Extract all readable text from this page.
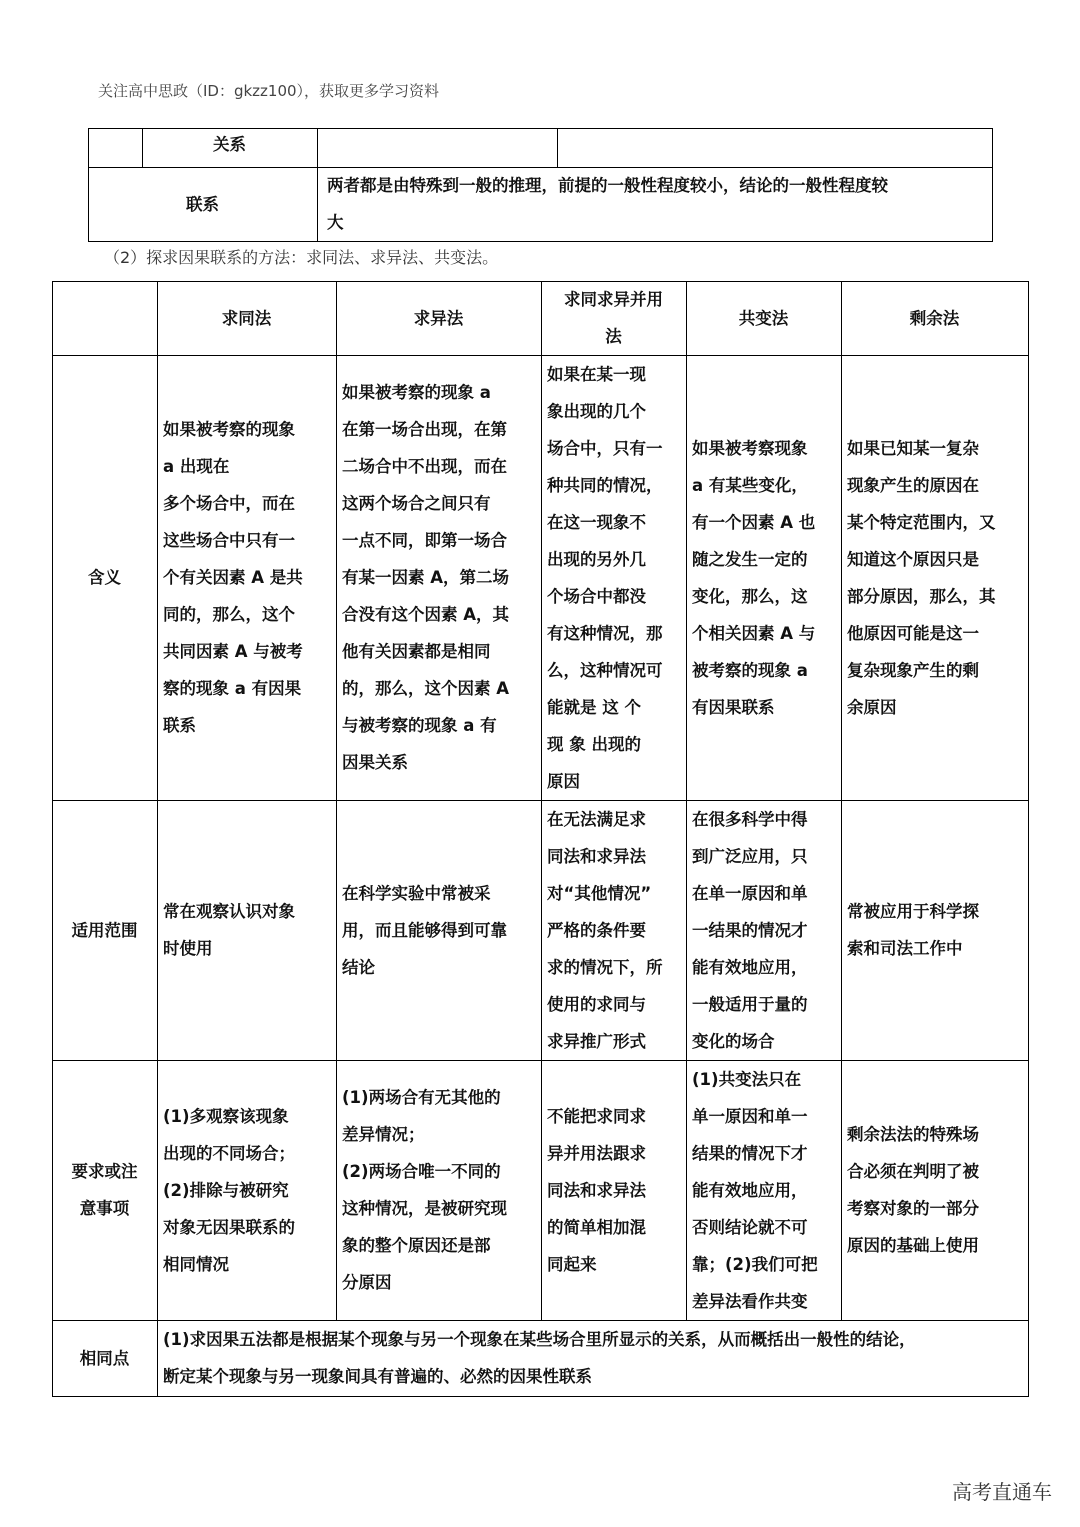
关注高中思政（ID：gkzz100），获取更多学习资料
关系
联系
两者都是由特殊到一般的推理，前提的一般性程度较小，结论的一般性程度较
大
（2）探求因果联系的方法：求同法、求异法、共变法。
求同法	求异法
求同求异并用
法
共变法	剩余法
含义
如果被考察的现象
a 出现在
多个场合中，而在
这些场合中只有一
个有关因素 A 是共
同的，那么，这个
共同因素 A 与被考
察的现象 a 有因果
联系
如果被考察的现象 a
在第一场合出现，在第
二场合中不出现，而在
这两个场合之间只有
一点不同，即第一场合
有某一因素 A，第二场
合没有这个因素 A，其
他有关因素都是相同
的，那么，这个因素 A
与被考察的现象 a 有
因果关系
如果在某一现
象出现的几个
场合中，只有一
种共同的情况，
在这一现象不
出现的另外几
个场合中都没
有这种情况，那
么，这种情况可
能就是 这 个
现 象 出现的
原因
如果被考察现象
a 有某些变化，
有一个因素 A 也
随之发生一定的
变化，那么，这
个相关因素 A 与
被考察的现象 a
有因果联系
如果已知某一复杂
现象产生的原因在
某个特定范围内，又
知道这个原因只是
部分原因，那么，其
他原因可能是这一
复杂现象产生的剩
余原因
适用范围
常在观察认识对象
时使用
在科学实验中常被采
用，而且能够得到可靠
结论
在无法满足求
同法和求异法
对“其他情况”
严格的条件要
求的情况下，所
使用的求同与
求异推广形式
在很多科学中得
到广泛应用，只
在单一原因和单
一结果的情况才
能有效地应用，
一般适用于量的
变化的场合
常被应用于科学探
索和司法工作中
要求或注
意事项
(1)多观察该现象
出现的不同场合；
(2)排除与被研究
对象无因果联系的
相同情况
(1)两场合有无其他的
差异情况；
(2)两场合唯一不同的
这种情况，是被研究现
象的整个原因还是部
分原因
不能把求同求
异并用法跟求
同法和求异法
的简单相加混
同起来
(1)共变法只在
单一原因和单一
结果的情况下才
能有效地应用，
否则结论就不可
靠；(2)我们可把
差异法看作共变
剩余法法的特殊场
合必须在判明了被
考察对象的一部分
原因的基础上使用
相同点
(1)求因果五法都是根据某个现象与另一个现象在某些场合里所显示的关系，从而概括出一般性的结论，
断定某个现象与另一现象间具有普遍的、必然的因果性联系
高考直通车
